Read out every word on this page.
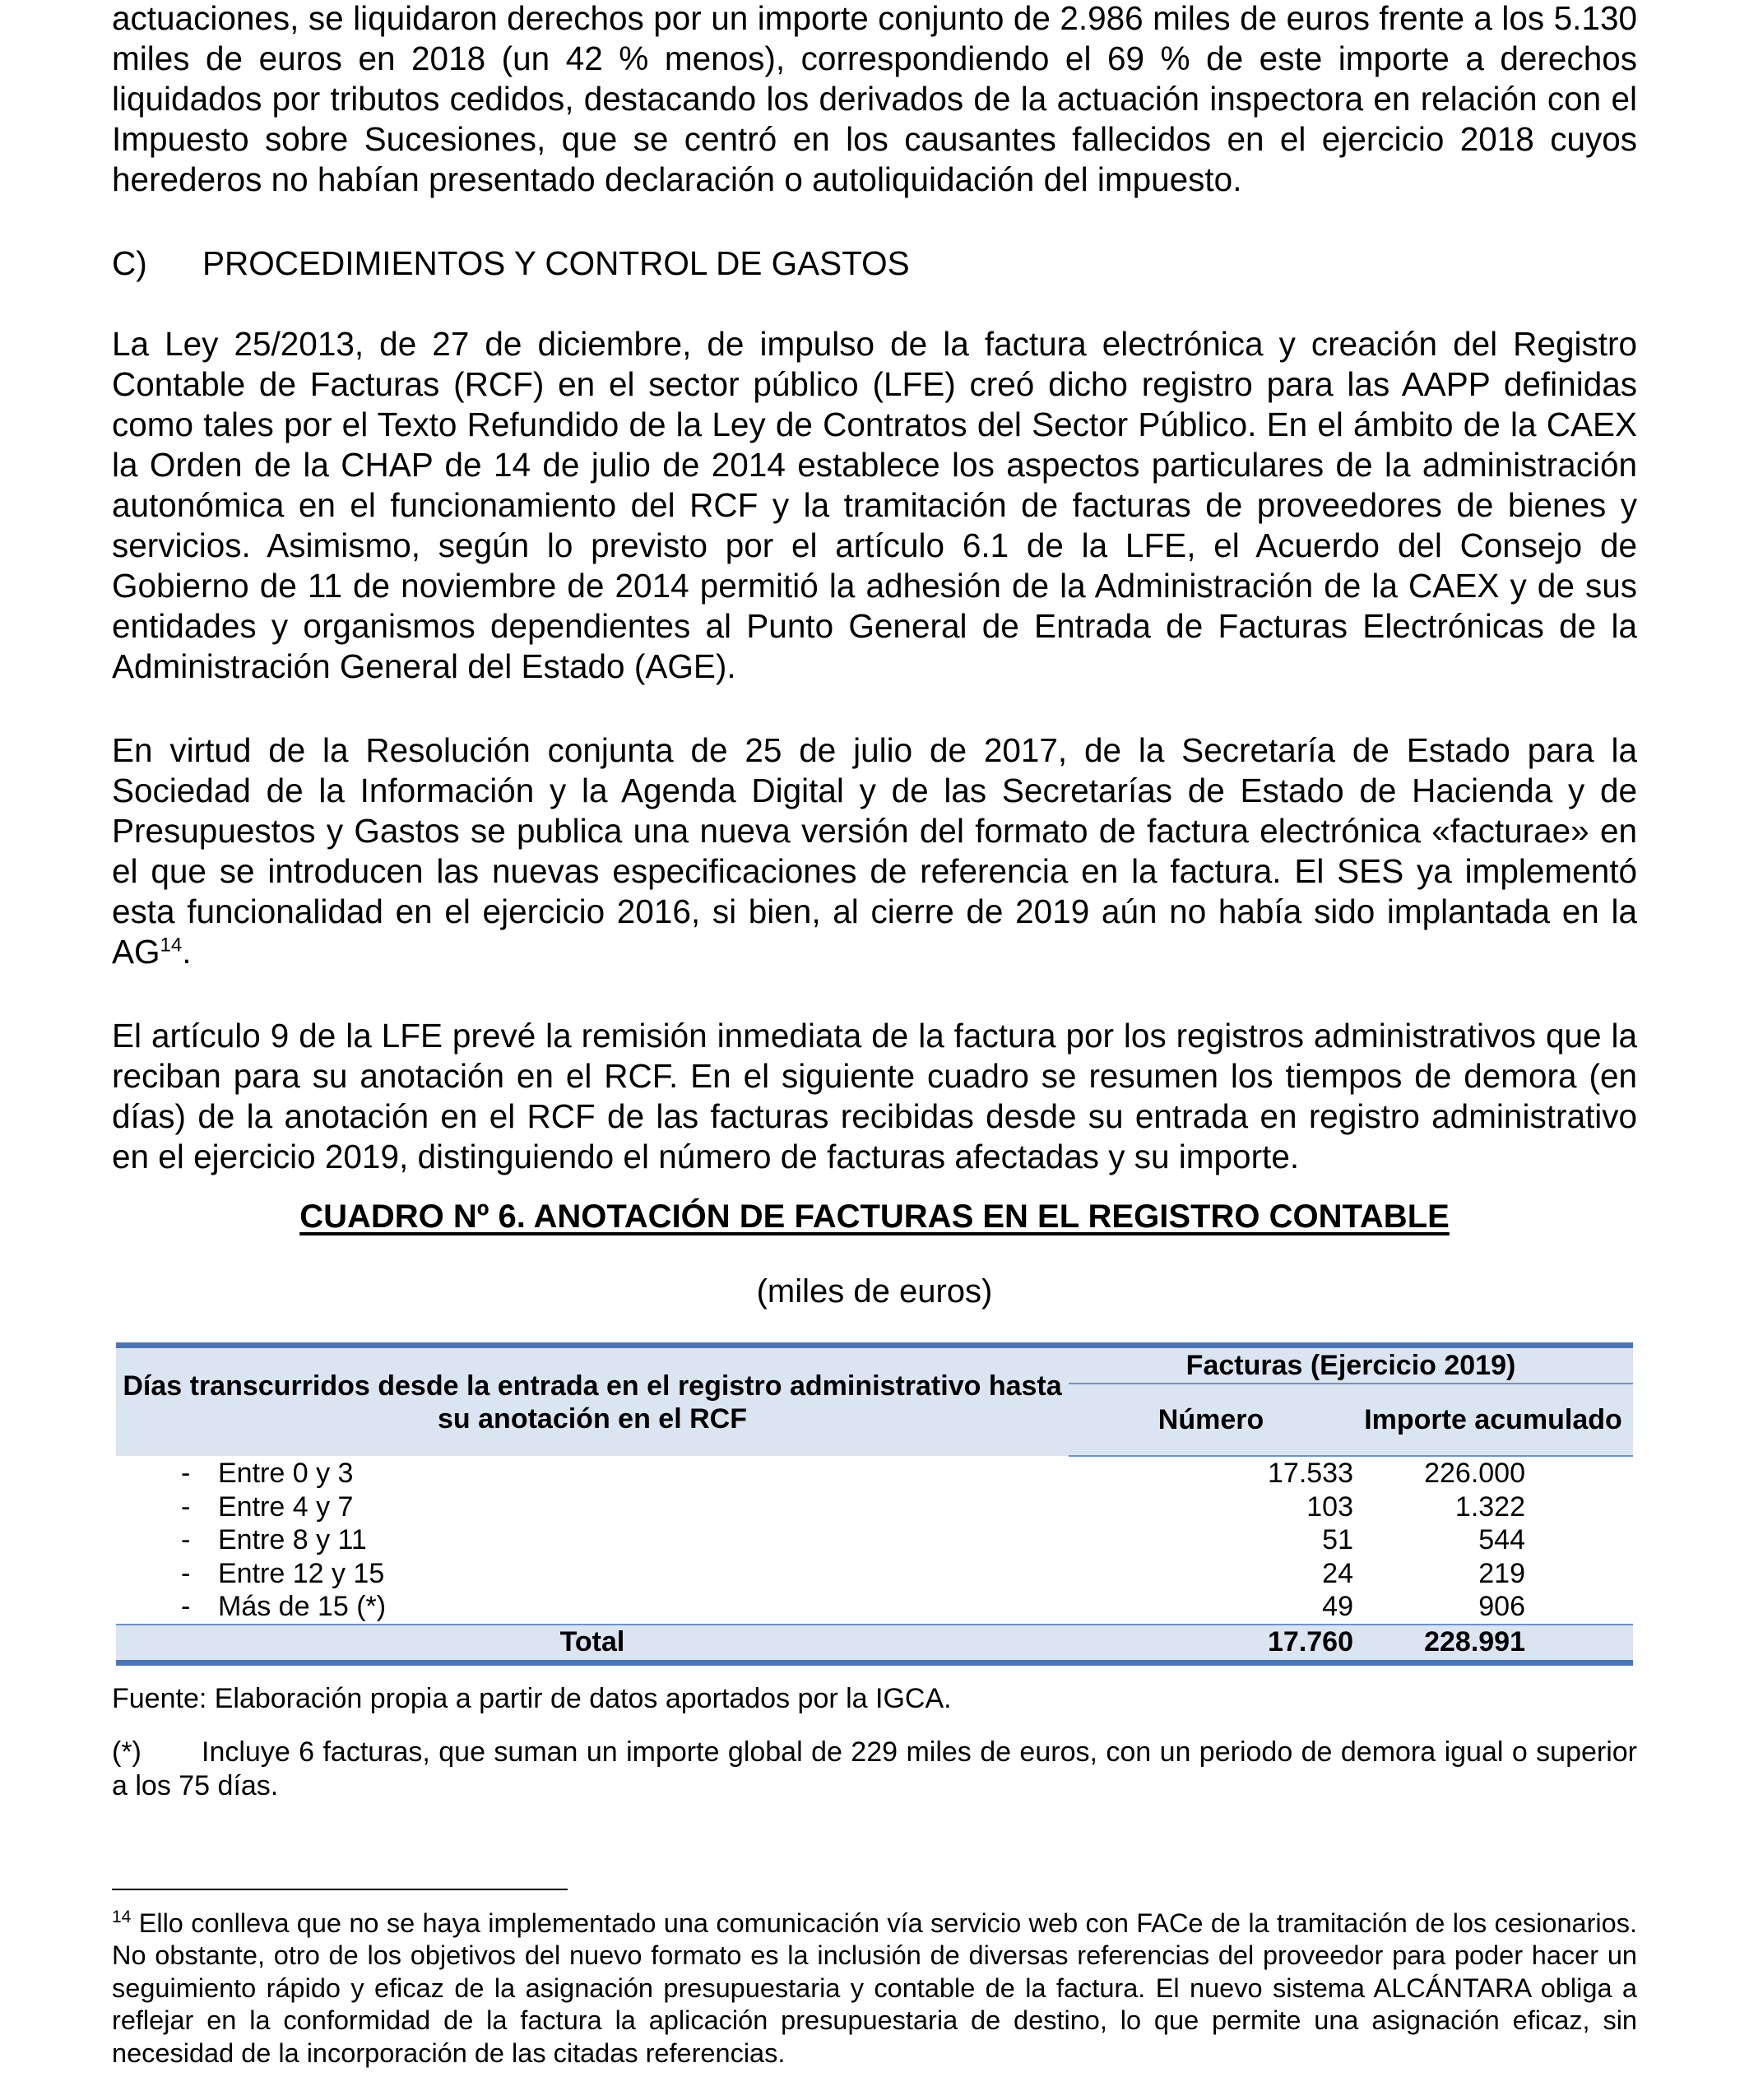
actuaciones, se liquidaron derechos por un importe conjunto de 2.986 miles de euros frente a los 5.130 miles de euros en 2018 (un 42 % menos), correspondiendo el 69 % de este importe a derechos liquidados por tributos cedidos, destacando los derivados de la actuación inspectora en relación con el Impuesto sobre Sucesiones, que se centró en los causantes fallecidos en el ejercicio 2018 cuyos herederos no habían presentado declaración o autoliquidación del impuesto.

C)	PROCEDIMIENTOS Y CONTROL DE GASTOS

La Ley 25/2013, de 27 de diciembre, de impulso de la factura electrónica y creación del Registro Contable de Facturas (RCF) en el sector público (LFE) creó dicho registro para las AAPP definidas como tales por el Texto Refundido de la Ley de Contratos del Sector Público. En el ámbito de la CAEX la Orden de la CHAP de 14 de julio de 2014 establece los aspectos particulares de la administración autonómica en el funcionamiento del RCF y la tramitación de facturas de proveedores de bienes y servicios. Asimismo, según lo previsto por el artículo 6.1 de la LFE, el Acuerdo del Consejo de Gobierno de 11 de noviembre de 2014 permitió la adhesión de la Administración de la CAEX y de sus entidades y organismos dependientes al Punto General de Entrada de Facturas Electrónicas de la Administración General del Estado (AGE).

En virtud de la Resolución conjunta de 25 de julio de 2017, de la Secretaría de Estado para la Sociedad de la Información y la Agenda Digital y de las Secretarías de Estado de Hacienda y de Presupuestos y Gastos se publica una nueva versión del formato de factura electrónica «facturae» en el que se introducen las nuevas especificaciones de referencia en la factura. El SES ya implementó esta funcionalidad en el ejercicio 2016, si bien, al cierre de 2019 aún no había sido implantada en la AG$^{14}$.

El artículo 9 de la LFE prevé la remisión inmediata de la factura por los registros administrativos que la reciban para su anotación en el RCF. En el siguiente cuadro se resumen los tiempos de demora (en días) de la anotación en el RCF de las facturas recibidas desde su entrada en registro administrativo en el ejercicio 2019, distinguiendo el número de facturas afectadas y su importe.

CUADRO Nº 6. ANOTACIÓN DE FACTURAS EN EL REGISTRO CONTABLE
(miles de euros)
Días transcurridos desde la entrada en el registro administrativo hasta su anotación en el RCF	Facturas (Ejercicio 2019)	
	Número	Importe acumulado
- Entre 0 y 3	17.533	226.000
- Entre 4 y 7	103	1.322
- Entre 8 y 11	51	544
- Entre 12 y 15	24	219
- Más de 15 (*)	49	906
Total	17.760	228.991

Fuente: Elaboración propia a partir de datos aportados por la IGCA.

(*) Incluye 6 facturas, que suman un importe global de 229 miles de euros, con un periodo de demora igual o superior a los 75 días.

$^{14}$ Ello conlleva que no se haya implementado una comunicación vía servicio web con FACe de la tramitación de los cesionarios. No obstante, otro de los objetivos del nuevo formato es la inclusión de diversas referencias del proveedor para poder hacer un seguimiento rápido y eficaz de la asignación presupuestaria y contable de la factura. El nuevo sistema ALCÁNTARA obliga a reflejar en la conformidad de la factura la aplicación presupuestaria de destino, lo que permite una asignación eficaz, sin necesidad de la incorporación de las citadas referencias.
